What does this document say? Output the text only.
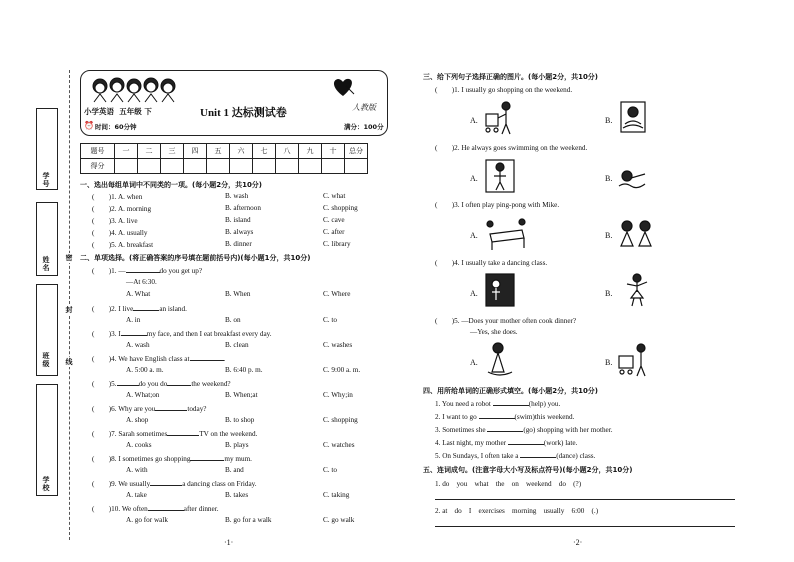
学号
姓名
班级
学校
密
封
线
小学英语 五年级 下	Unit 1 达标测试卷	人教版
⏰ 时间：60分钟	满分：100分
题号	一	二	三	四	五	六	七	八	九	十	总分
得分											
一、选出每组单词中不同类的一项。(每小题2分，共10分)
(　　)1. A. when	B. wash	C. what
(　　)2. A. morning	B. afternoon	C. shopping
(　　)3. A. live	B. island	C. cave
(　　)4. A. usually	B. always	C. after
(　　)5. A. breakfast	B. dinner	C. library
二、单项选择。(将正确答案的序号填在题前括号内)(每小题1分，共10分)
(　　)1. —	do you get up?
—At 6:30.
A. What	B. When	C. Where
(　　)2. I live	an island.
A. in	B. on	C. to
(　　)3. I	my face, and then I eat breakfast every day.
A. wash	B. clean	C. washes
(　　)4. We have English class at	.
A. 5:00 a. m.	B. 6:40 p. m.	C. 9:00 a. m.
(　　)5.	do you do	the weekend?
A. What;on	B. When;at	C. Why;in
(　　)6. Why are you	today?
A. shop	B. to shop	C. shopping
(　　)7. Sarah sometimes	TV on the weekend.
A. cooks	B. plays	C. watches
(　　)8. I sometimes go shopping	my mum.
A. with	B. and	C. to
(　　)9. We usually	a dancing class on Friday.
A. take	B. takes	C. taking
(　　)10. We often	after dinner.
A. go for walk	B. go for a walk	C. go walk
·1·
三、给下列句子选择正确的图片。(每小题2分，共10分)
(　　)1. I usually go shopping on the weekend.
A.	B.
(　　)2. He always goes swimming on the weekend.
A.	B.
(　　)3. I often play ping-pong with Mike.
A.	B.
(　　)4. I usually take a dancing class.
A.	B.
(　　)5. —Does your mother often cook dinner?
—Yes, she does.
A.	B.
四、用所给单词的正确形式填空。(每小题2分，共10分)
1. You need a robot	(help) you.
2. I want to go	(swim)this weekend.
3. Sometimes she	(go) shopping with her mother.
4. Last night, my mother	(work) late.
5. On Sundays, I often take a	(dance) class.
五、连词成句。(注意字母大小写及标点符号)(每小题2分，共10分)
1. do　you　what　the　on　weekend　do　(?)
2. at　do　I　exercises　morning　usually　6:00　(.)
·2·
